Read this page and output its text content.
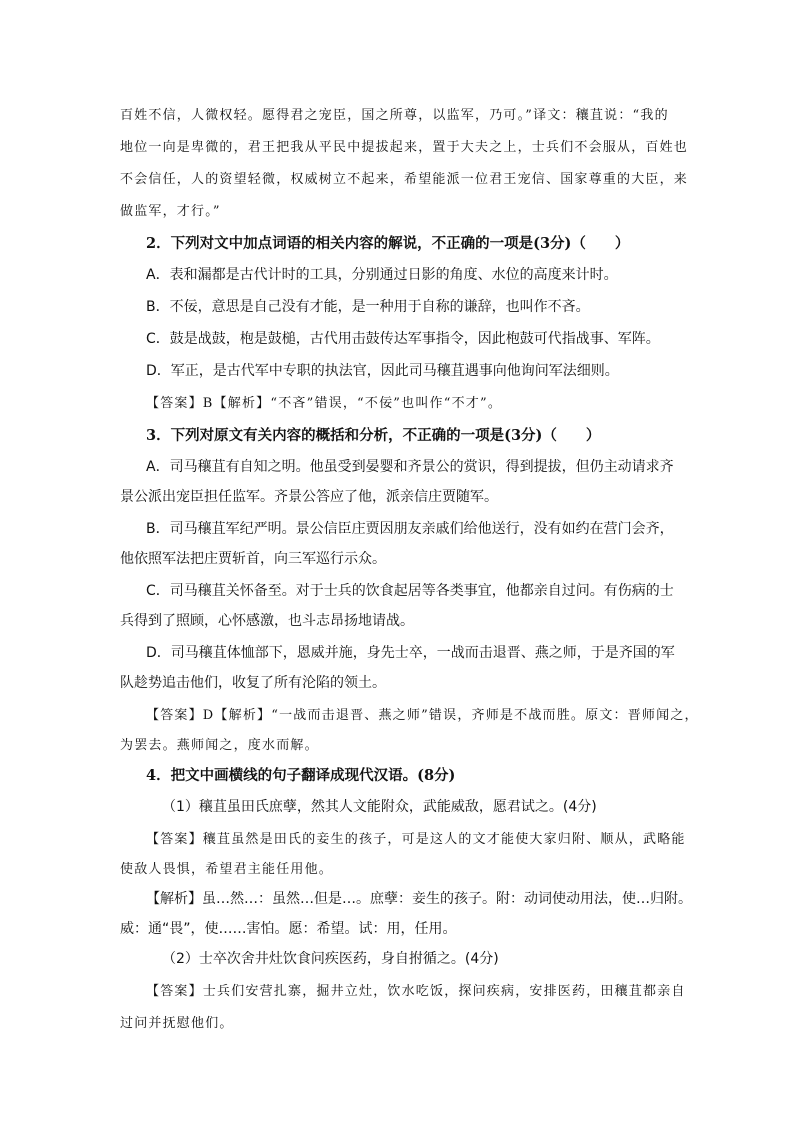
百姓不信，人微权轻。愿得君之宠臣，国之所尊，以监军，乃可。”译文：穰苴说：“我的
地位一向是卑微的，君王把我从平民中提拔起来，置于大夫之上，士兵们不会服从，百姓也
不会信任，人的资望轻微，权威树立不起来，希望能派一位君王宠信、国家尊重的大臣，来
做监军，才行。”
2．下列对文中加点词语的相关内容的解说，不正确的一项是(3分)（　　）
A．表和漏都是古代计时的工具，分别通过日影的角度、水位的高度来计时。
B．不佞，意思是自己没有才能，是一种用于自称的谦辞，也叫作不吝。
C．鼓是战鼓，枹是鼓槌，古代用击鼓传达军事指令，因此枹鼓可代指战事、军阵。
D．军正，是古代军中专职的执法官，因此司马穰苴遇事向他询问军法细则。
【答案】B【解析】“不吝”错误，“不佞”也叫作“不才”。
3．下列对原文有关内容的概括和分析，不正确的一项是(3分)（　　）
A．司马穰苴有自知之明。他虽受到晏婴和齐景公的赏识，得到提拔，但仍主动请求齐
景公派出宠臣担任监军。齐景公答应了他，派亲信庄贾随军。
B．司马穰苴军纪严明。景公信臣庄贾因朋友亲戚们给他送行，没有如约在营门会齐，
他依照军法把庄贾斩首，向三军巡行示众。
C．司马穰苴关怀备至。对于士兵的饮食起居等各类事宜，他都亲自过问。有伤病的士
兵得到了照顾，心怀感激，也斗志昂扬地请战。
D．司马穰苴体恤部下，恩威并施，身先士卒，一战而击退晋、燕之师，于是齐国的军
队趁势追击他们，收复了所有沦陷的领土。
【答案】D【解析】“一战而击退晋、燕之师”错误，齐师是不战而胜。原文：晋师闻之，
为罢去。燕师闻之，度水而解。
4．把文中画横线的句子翻译成现代汉语。(8分)
（1）穰苴虽田氏庶孽，然其人文能附众，武能威敌，愿君试之。(4分)
【答案】穰苴虽然是田氏的妾生的孩子，可是这人的文才能使大家归附、顺从，武略能
使敌人畏惧，希望君主能任用他。
【解析】虽…然…：虽然…但是…。庶孽：妾生的孩子。附：动词使动用法，使…归附。
威：通“畏”，使……害怕。愿：希望。试：用，任用。
（2）士卒次舍井灶饮食问疾医药，身自拊循之。(4分)
【答案】士兵们安营扎寨，掘井立灶，饮水吃饭，探问疾病，安排医药，田穰苴都亲自
过问并抚慰他们。
